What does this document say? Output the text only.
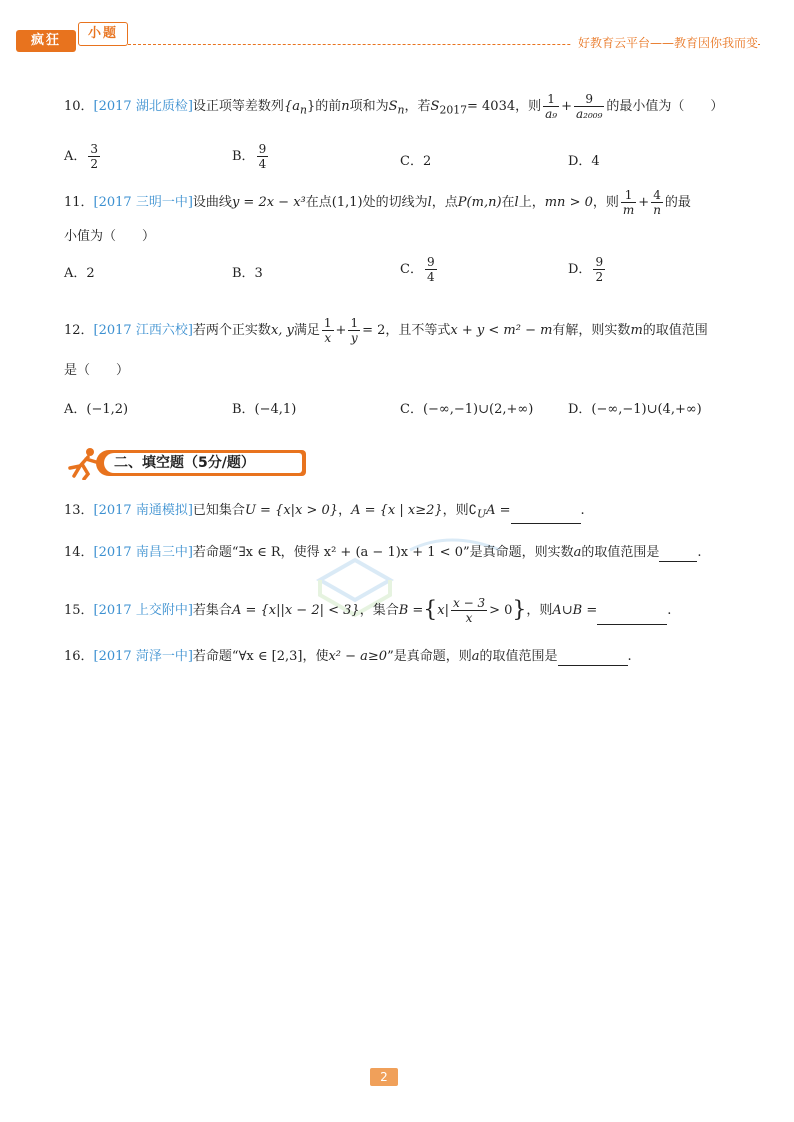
疯狂	小题
好教育云平台——教育因你我而变
10．[2017 湖北质检]设正项等差数列$\{a_n\}$的前n项和为$S_n$，若$S_{2017}= 4034$，则 $\frac{1}{\text{a₉}} + \frac{9}{\text{a₂₀₀₉}}$ 的最小值为（　　）
A． $\frac{3}{2}$	B． $\frac{9}{4}$	C．2	D．4
11．[2017 三明一中]设曲线y = 2x − x³在点(1,1)处的切线为l，点P(m,n)在l上，mn > 0，则 $\frac{1}{m} + \frac{4}{n}$ 的最
小值为（　　）
A．2	B．3	C． $\frac{9}{4}$	D． $\frac{9}{2}$
12．[2017 江西六校]若两个正实数x, y满足 $\frac{1}{x} + \frac{1}{y} = 2$，且不等式x + y < m² − m有解，则实数m的取值范围
是（　　）
A．(−1,2)	B．(−4,1)	C．(−∞,−1)∪(2,+∞)	D．(−∞,−1)∪(4,+∞)
二、填空题（5分/题）
13．[2017 南通模拟]已知集合U = {x|x > 0}，A = {x | x≥2}，则$∁_UA$ =	.
14．[2017 南昌三中]若命题“∃x ∈ R，使得 x² + (a − 1)x + 1 < 0”是真命题，则实数a的取值范围是	.
15．[2017 上交附中]若集合A = {x||x − 2| < 3}，集合$B =\{x| \frac{x - 3}{x} > 0\}$，则A∪B =	.
16．[2017 菏泽一中]若命题“∀x ∈ [2,3]，使x² − a≥0”是真命题，则a的取值范围是	.
2
